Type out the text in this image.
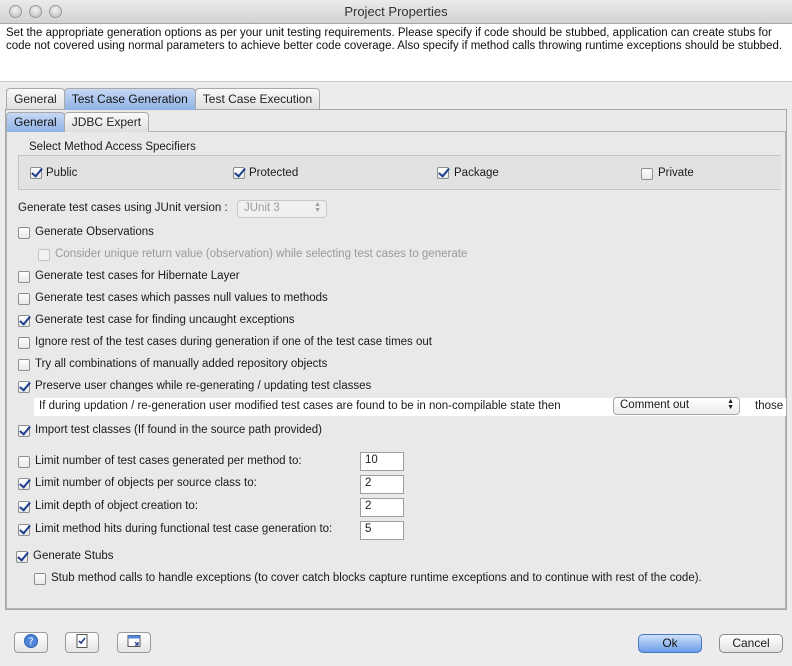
Project Properties
Set the appropriate generation options as per your unit testing requirements. Please specify if code should be stubbed, application can create stubs for code not covered using normal parameters to achieve better code coverage. Also specify if method calls throwing runtime exceptions should be stubbed.
General	Test Case Generation	Test Case Execution
General	JDBC Expert
Select Method Access Specifiers
Public	Protected	Package	Private
Generate test cases using JUnit version :	JUnit 3	▲
▼
Generate Observations
Consider unique return value (observation) while selecting test cases to generate
Generate test cases for Hibernate Layer
Generate test cases which passes null values to methods
Generate test case for finding uncaught exceptions
Ignore rest of the test cases during generation if one of the test case times out
Try all combinations of manually added repository objects
Preserve user changes while re-generating / updating test classes
If during updation / re-generation user modified test cases are found to be in non-compilable state then	Comment out	▲
▼ those
Import test classes (If found in the source path provided)
Limit number of test cases generated per method to:	10
Limit number of objects per source class to:	2
Limit depth of object creation to:	2
Limit method hits during functional test case generation to:	5
Generate Stubs
Stub method calls to handle exceptions (to cover catch blocks capture runtime exceptions and to continue with rest of the code).
?	Ok	Cancel
